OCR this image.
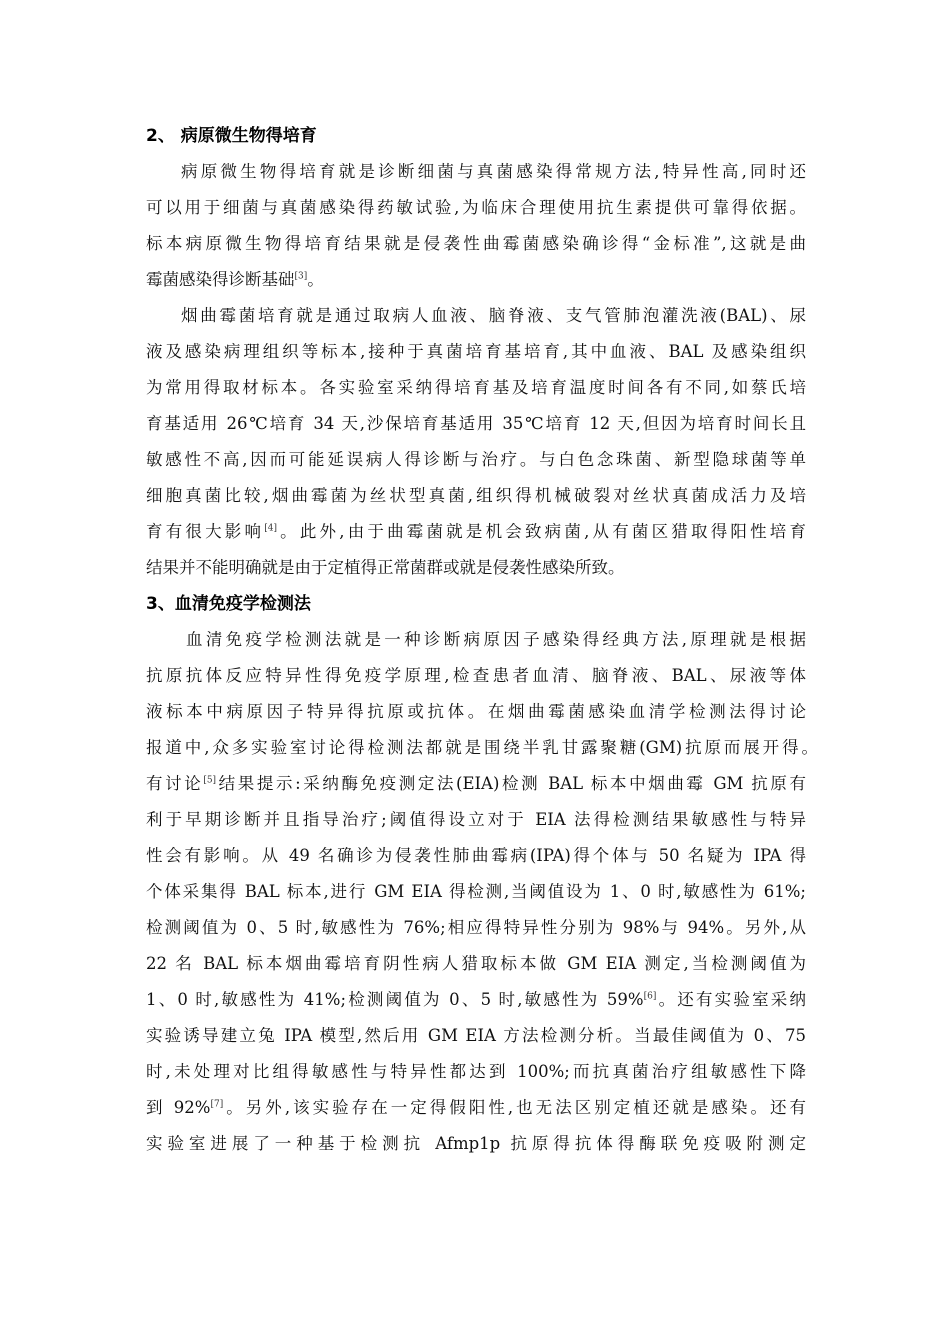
2、 病原微生物得培育
病原微生物得培育就是诊断细菌与真菌感染得常规方法,特异性高,同时还
可以用于细菌与真菌感染得药敏试验,为临床合理使用抗生素提供可靠得依据。
标本病原微生物得培育结果就是侵袭性曲霉菌感染确诊得“金标准”,这就是曲
霉菌感染得诊断基础[3]。
烟曲霉菌培育就是通过取病人血液、脑脊液、支气管肺泡灌洗液(BAL)、尿
液及感染病理组织等标本,接种于真菌培育基培育,其中血液、BAL 及感染组织
为常用得取材标本。各实验室采纳得培育基及培育温度时间各有不同,如蔡氏培
育基适用 26℃培育 34 天,沙保培育基适用 35℃培育 12 天,但因为培育时间长且
敏感性不高,因而可能延误病人得诊断与治疗。与白色念珠菌、新型隐球菌等单
细胞真菌比较,烟曲霉菌为丝状型真菌,组织得机械破裂对丝状真菌成活力及培
育有很大影响[4]。此外,由于曲霉菌就是机会致病菌,从有菌区猎取得阳性培育
结果并不能明确就是由于定植得正常菌群或就是侵袭性感染所致。
3、血清免疫学检测法
血清免疫学检测法就是一种诊断病原因子感染得经典方法,原理就是根据
抗原抗体反应特异性得免疫学原理,检查患者血清、脑脊液、BAL、尿液等体
液标本中病原因子特异得抗原或抗体。在烟曲霉菌感染血清学检测法得讨论
报道中,众多实验室讨论得检测法都就是围绕半乳甘露聚糖(GM)抗原而展开得。
有讨论[5]结果提示:采纳酶免疫测定法(EIA)检测 BAL 标本中烟曲霉 GM 抗原有
利于早期诊断并且指导治疗;阈值得设立对于 EIA 法得检测结果敏感性与特异
性会有影响。从 49 名确诊为侵袭性肺曲霉病(IPA)得个体与 50 名疑为 IPA 得
个体采集得 BAL 标本,进行 GM EIA 得检测,当阈值设为 1、0 时,敏感性为 61%;
检测阈值为 0、5 时,敏感性为 76%;相应得特异性分别为 98%与 94%。另外,从
22 名 BAL 标本烟曲霉培育阴性病人猎取标本做 GM EIA 测定,当检测阈值为
1、0 时,敏感性为 41%;检测阈值为 0、5 时,敏感性为 59%[6]。还有实验室采纳
实验诱导建立兔 IPA 模型,然后用 GM EIA 方法检测分析。当最佳阈值为 0、75
时,未处理对比组得敏感性与特异性都达到 100%;而抗真菌治疗组敏感性下降
到 92%[7]。另外,该实验存在一定得假阳性,也无法区别定植还就是感染。还有
实验室进展了一种基于检测抗 Afmp1p 抗原得抗体得酶联免疫吸附测定
